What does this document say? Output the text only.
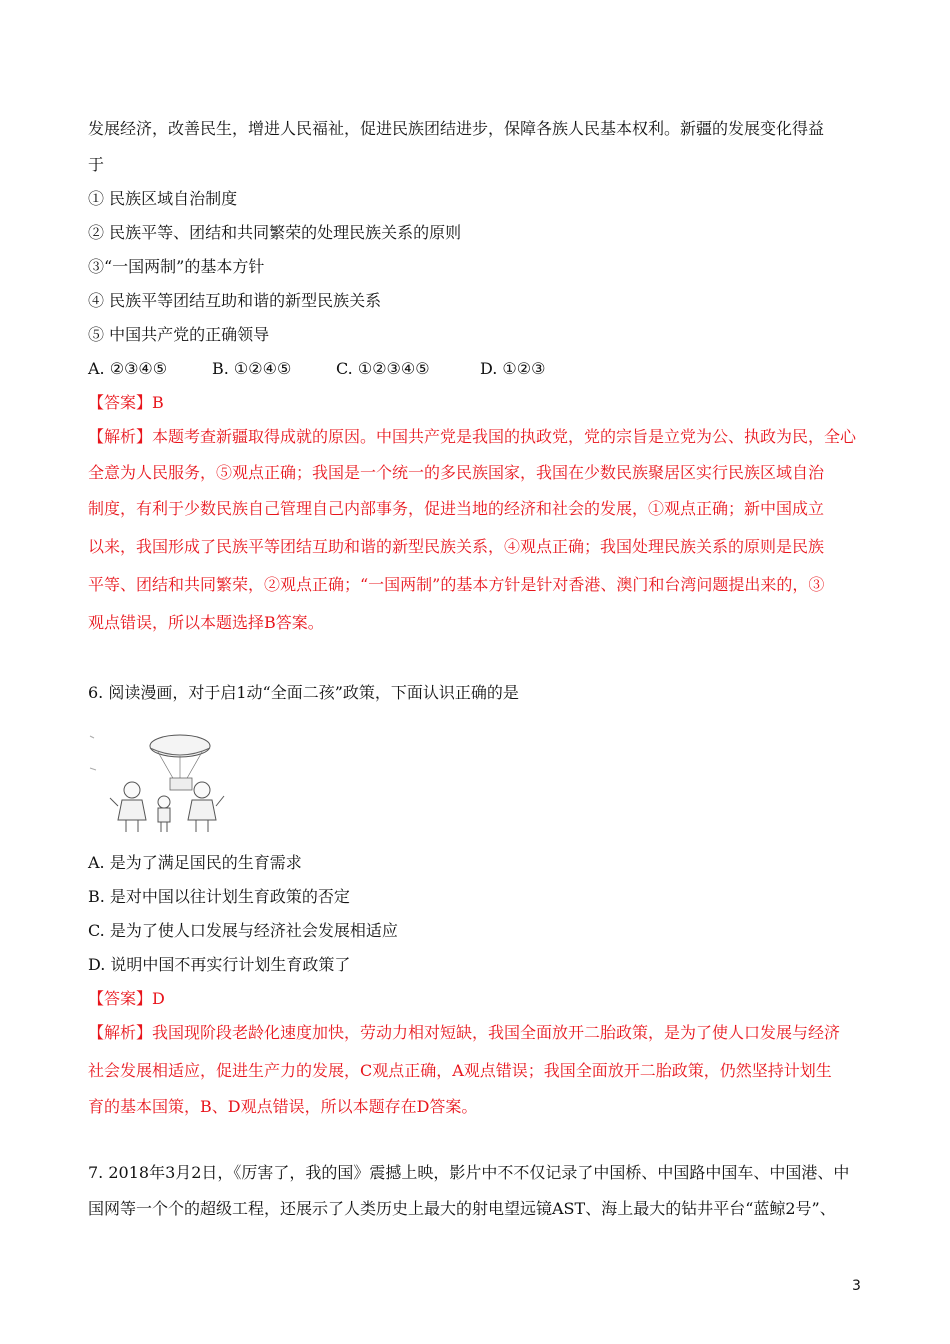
发展经济，改善民生，增进人民福祉，促进民族团结进步，保障各族人民基本权利。新疆的发展变化得益
于
① 民族区域自治制度
② 民族平等、团结和共同繁荣的处理民族关系的原则
③“一国两制”的基本方针
④ 民族平等团结互助和谐的新型民族关系
⑤ 中国共产党的正确领导
A. ②③④⑤	B. ①②④⑤	C. ①②③④⑤	D. ①②③
【答案】B
【解析】本题考查新疆取得成就的原因。中国共产党是我国的执政党，党的宗旨是立党为公、执政为民，全心
全意为人民服务，⑤观点正确；我国是一个统一的多民族国家，我国在少数民族聚居区实行民族区域自治
制度，有利于少数民族自己管理自己内部事务，促进当地的经济和社会的发展，①观点正确；新中国成立
以来，我国形成了民族平等团结互助和谐的新型民族关系，④观点正确；我国处理民族关系的原则是民族
平等、团结和共同繁荣，②观点正确；“一国两制”的基本方针是针对香港、澳门和台湾问题提出来的，③
观点错误，所以本题选择B答案。
6. 阅读漫画，对于启1动“全面二孩”政策，下面认识正确的是
A. 是为了满足国民的生育需求
B. 是对中国以往计划生育政策的否定
C. 是为了使人口发展与经济社会发展相适应
D. 说明中国不再实行计划生育政策了
【答案】D
【解析】我国现阶段老龄化速度加快，劳动力相对短缺，我国全面放开二胎政策，是为了使人口发展与经济
社会发展相适应，促进生产力的发展，C观点正确，A观点错误；我国全面放开二胎政策，仍然坚持计划生
育的基本国策，B、D观点错误，所以本题存在D答案。
7. 2018年3月2日，《厉害了，我的国》震撼上映，影片中不不仅记录了中国桥、中国路中国车、中国港、中
国网等一个个的超级工程，还展示了人类历史上最大的射电望远镜AST、海上最大的钻井平台“蓝鲸2号”、
3
